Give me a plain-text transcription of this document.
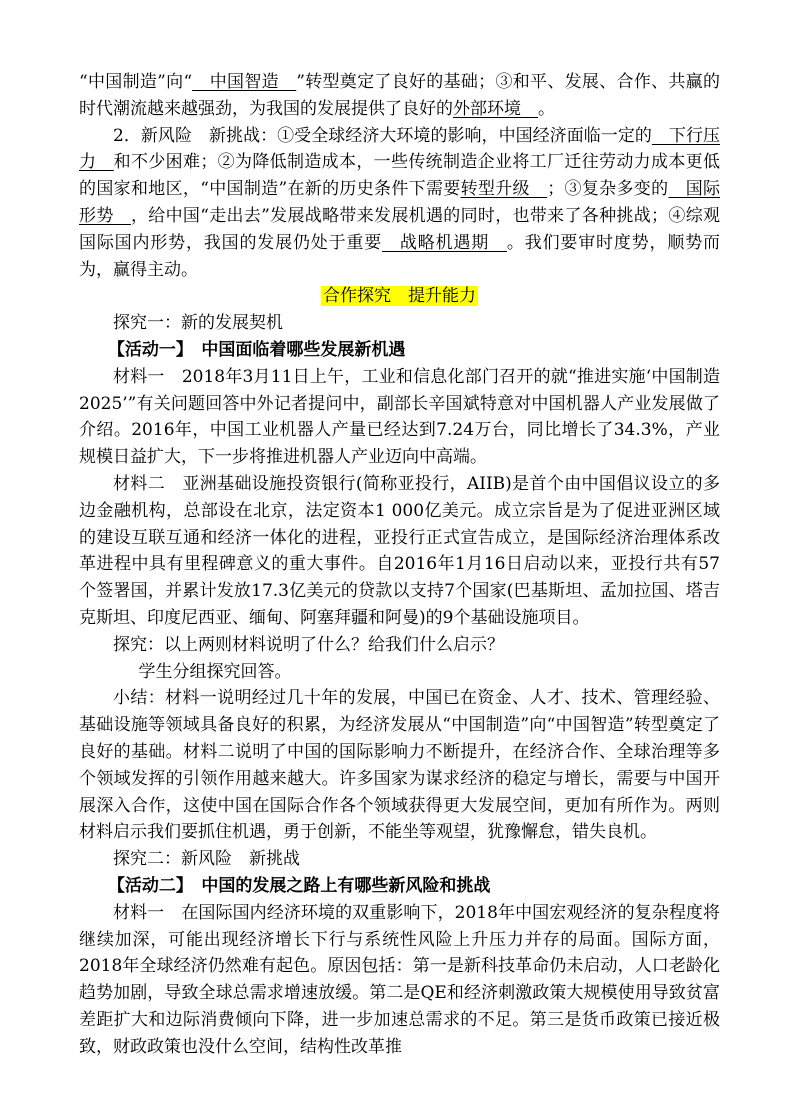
“中国制造”向“　中国智造　”转型奠定了良好的基础；③和平、发展、合作、共赢的时代潮流越来越强劲，为我国的发展提供了良好的外部环境　。

2．新风险　新挑战：①受全球经济大环境的影响，中国经济面临一定的　下行压力　和不少困难；②为降低制造成本，一些传统制造企业将工厂迁往劳动力成本更低的国家和地区，“中国制造”在新的历史条件下需要转型升级　；③复杂多变的　国际形势　，给中国“走出去”发展战略带来发展机遇的同时，也带来了各种挑战；④综观国际国内形势，我国的发展仍处于重要　战略机遇期　。我们要审时度势，顺势而为，赢得主动。

合作探究　提升能力

探究一：新的发展契机

【活动一】　中国面临着哪些发展新机遇

材料一　2018年3月11日上午，工业和信息化部门召开的就“推进实施‘中国制造2025’”有关问题回答中外记者提问中，副部长辛国斌特意对中国机器人产业发展做了介绍。2016年，中国工业机器人产量已经达到7.24万台，同比增长了34.3%，产业规模日益扩大，下一步将推进机器人产业迈向中高端。

材料二　亚洲基础设施投资银行(简称亚投行，AIIB)是首个由中国倡议设立的多边金融机构，总部设在北京，法定资本1 000亿美元。成立宗旨是为了促进亚洲区域的建设互联互通和经济一体化的进程，亚投行正式宣告成立，是国际经济治理体系改革进程中具有里程碑意义的重大事件。自2016年1月16日启动以来，亚投行共有57个签署国，并累计发放17.3亿美元的贷款以支持7个国家(巴基斯坦、孟加拉国、塔吉克斯坦、印度尼西亚、缅甸、阿塞拜疆和阿曼)的9个基础设施项目。

探究：以上两则材料说明了什么？给我们什么启示？

学生分组探究回答。

小结：材料一说明经过几十年的发展，中国已在资金、人才、技术、管理经验、基础设施等领域具备良好的积累，为经济发展从“中国制造”向“中国智造”转型奠定了良好的基础。材料二说明了中国的国际影响力不断提升，在经济合作、全球治理等多个领域发挥的引领作用越来越大。许多国家为谋求经济的稳定与增长，需要与中国开展深入合作，这使中国在国际合作各个领域获得更大发展空间，更加有所作为。两则材料启示我们要抓住机遇，勇于创新，不能坐等观望，犹豫懈怠，错失良机。

探究二：新风险　新挑战

【活动二】　中国的发展之路上有哪些新风险和挑战

材料一　在国际国内经济环境的双重影响下，2018年中国宏观经济的复杂程度将继续加深，可能出现经济增长下行与系统性风险上升压力并存的局面。国际方面，2018年全球经济仍然难有起色。原因包括：第一是新科技革命仍未启动，人口老龄化趋势加剧，导致全球总需求增速放缓。第二是QE和经济刺激政策大规模使用导致贫富差距扩大和边际消费倾向下降，进一步加速总需求的不足。第三是货币政策已接近极致，财政政策也没什么空间，结构性改革推
